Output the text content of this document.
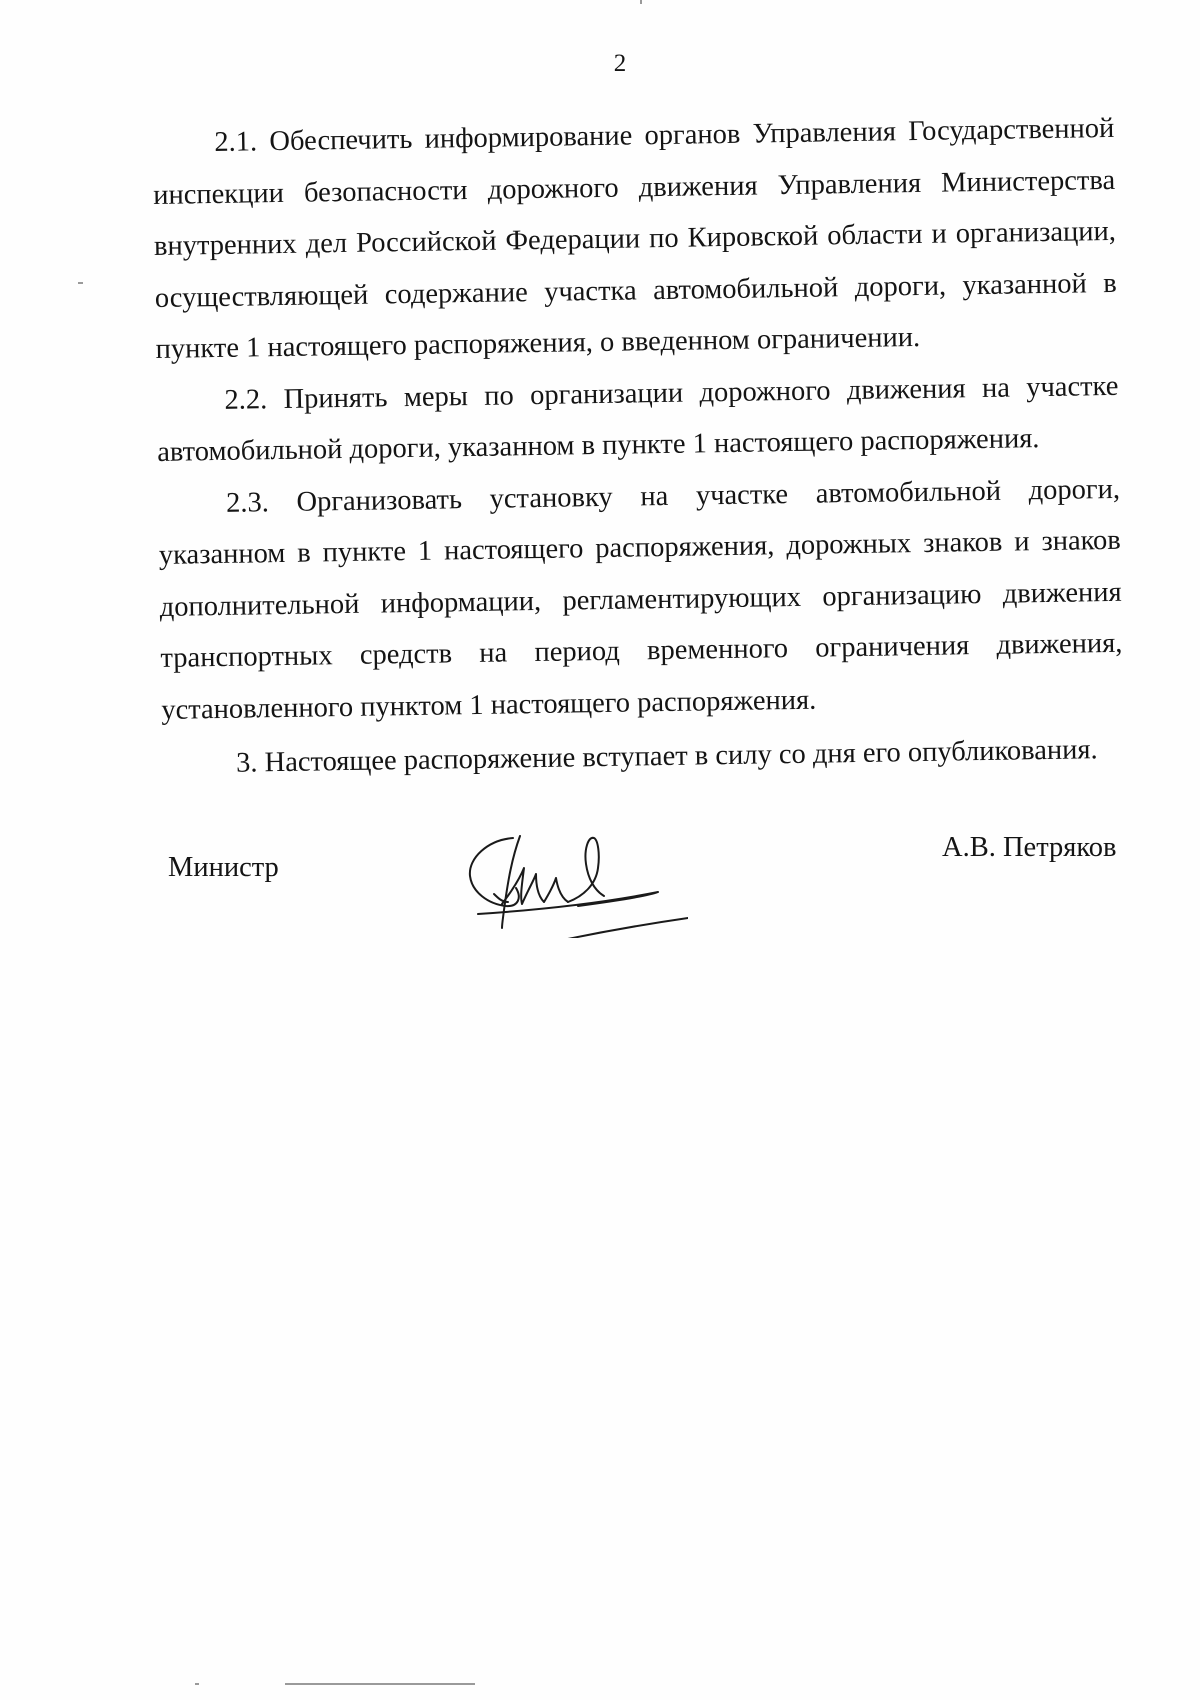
2

2.1. Обеспечить информирование органов Управления Государственной инспекции безопасности дорожного движения Управления Министерства внутренних дел Российской Федерации по Кировской области и организации, осуществляющей содержание участка автомобильной дороги, указанной в пункте 1 настоящего распоряжения, о введенном ограничении.

2.2. Принять меры по организации дорожного движения на участке автомобильной дороги, указанном в пункте 1 настоящего распоряжения.

2.3. Организовать установку на участке автомобильной дороги, указанном в пункте 1 настоящего распоряжения, дорожных знаков и знаков дополнительной информации, регламентирующих организацию движения транспортных средств на период временного ограничения движения, установленного пунктом 1 настоящего распоряжения.

3. Настоящее распоряжение вступает в силу со дня его опубликования.

Министр
А.В. Петряков
